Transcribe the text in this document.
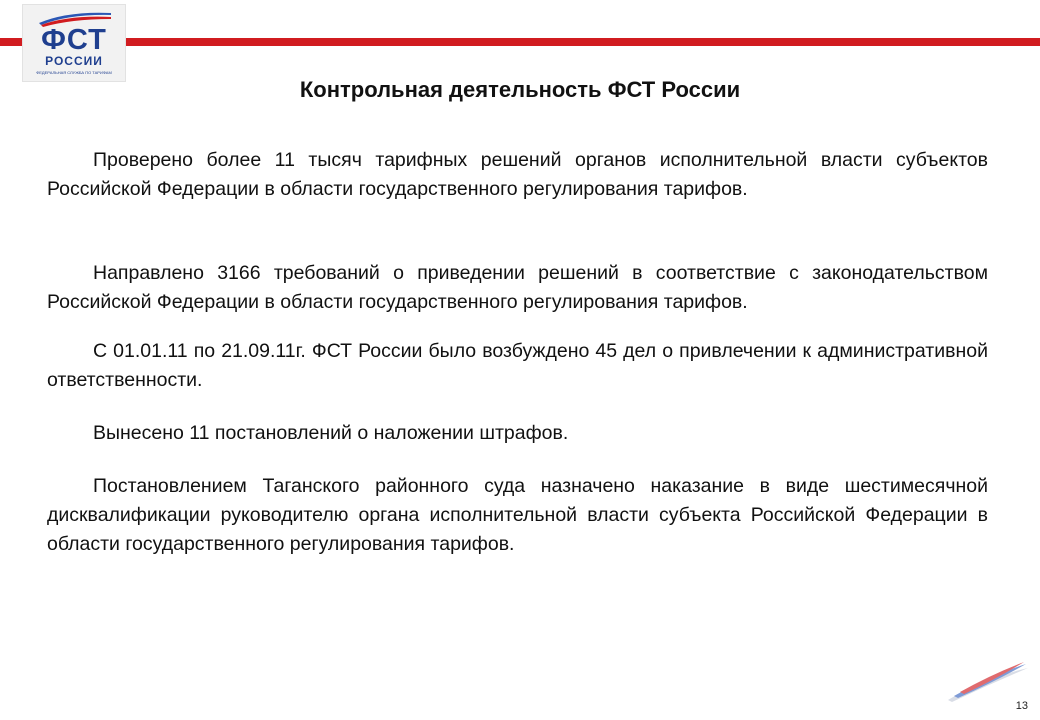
ФСТ
РОССИИ
ФЕДЕРАЛЬНАЯ СЛУЖБА ПО ТАРИФАМ
Контрольная деятельность ФСТ России

Проверено более 11 тысяч тарифных решений органов исполнительной власти субъектов Российской Федерации в области государственного регулирования тарифов.

Направлено 3166 требований о приведении решений в соответствие с законодательством Российской Федерации в области государственного регулирования тарифов.

С 01.01.11 по 21.09.11г. ФСТ России было возбуждено 45 дел о привлечении к административной ответственности.

Вынесено 11 постановлений о наложении штрафов.

Постановлением Таганского районного суда назначено наказание в виде шестимесячной дисквалификации руководителю органа исполнительной власти субъекта Российской Федерации в области государственного регулирования тарифов.

13
